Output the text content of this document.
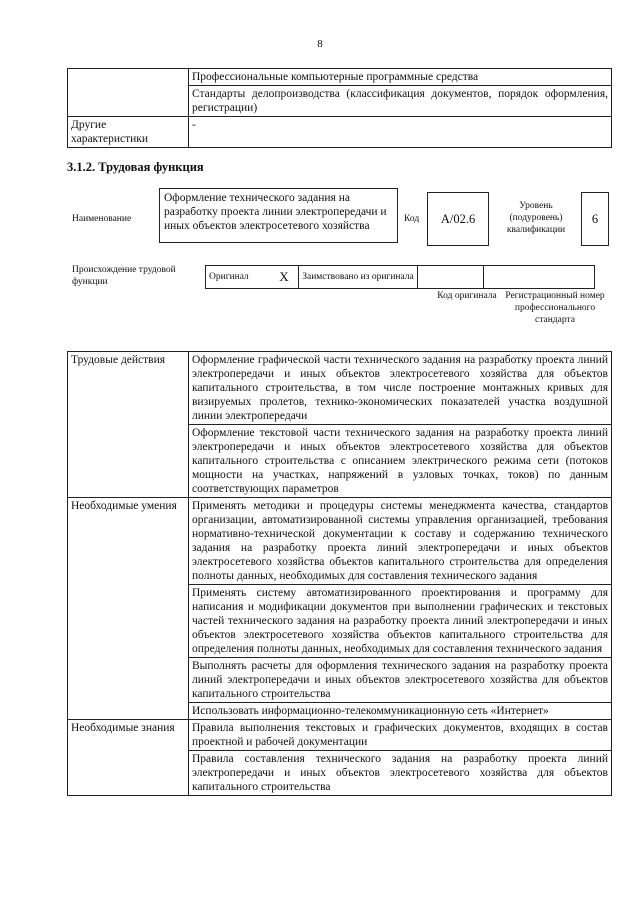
8
	Профессиональные компьютерные программные средства
	Стандарты делопроизводства (классификация документов, порядок оформления, регистрации)
Другие характеристики	-
3.1.2. Трудовая функция
Наименование
Оформление технического задания на разработку проекта линии электропередачи и иных объектов электросетевого хозяйства
Код	A/02.6
Уровень (подуровень) квалификации
6
Происхождение трудовой функции	Оригинал	X	Заимствовано из оригинала		
Код оригинала Регистрационный номер профессионального стандарта
Трудовые действия	Оформление графической части технического задания на разработку проекта линий электропередачи и иных объектов электросетевого хозяйства для объектов капитального строительства, в том числе построение монтажных кривых для визируемых пролетов, технико-экономических показателей участка воздушной линии электропередачи
	Оформление текстовой части технического задания на разработку проекта линий электропередачи и иных объектов электросетевого хозяйства для объектов капитального строительства с описанием электрического режима сети (потоков мощности на участках, напряжений в узловых точках, токов) по данным соответствующих параметров
Необходимые умения	Применять методики и процедуры системы менеджмента качества, стандартов организации, автоматизированной системы управления организацией, требования нормативно-технической документации к составу и содержанию технического задания на разработку проекта линий электропередачи и иных объектов электросетевого хозяйства объектов капитального строительства для определения полноты данных, необходимых для составления технического задания
	Применять систему автоматизированного проектирования и программу для написания и модификации документов при выполнении графических и текстовых частей технического задания на разработку проекта линий электропередачи и иных объектов электросетевого хозяйства объектов капитального строительства для определения полноты данных, необходимых для составления технического задания
	Выполнять расчеты для оформления технического задания на разработку проекта линий электропередачи и иных объектов электросетевого хозяйства для объектов капитального строительства
	Использовать информационно-телекоммуникационную сеть «Интернет»
Необходимые знания	Правила выполнения текстовых и графических документов, входящих в состав проектной и рабочей документации
	Правила составления технического задания на разработку проекта линий электропередачи и иных объектов электросетевого хозяйства для объектов капитального строительства
